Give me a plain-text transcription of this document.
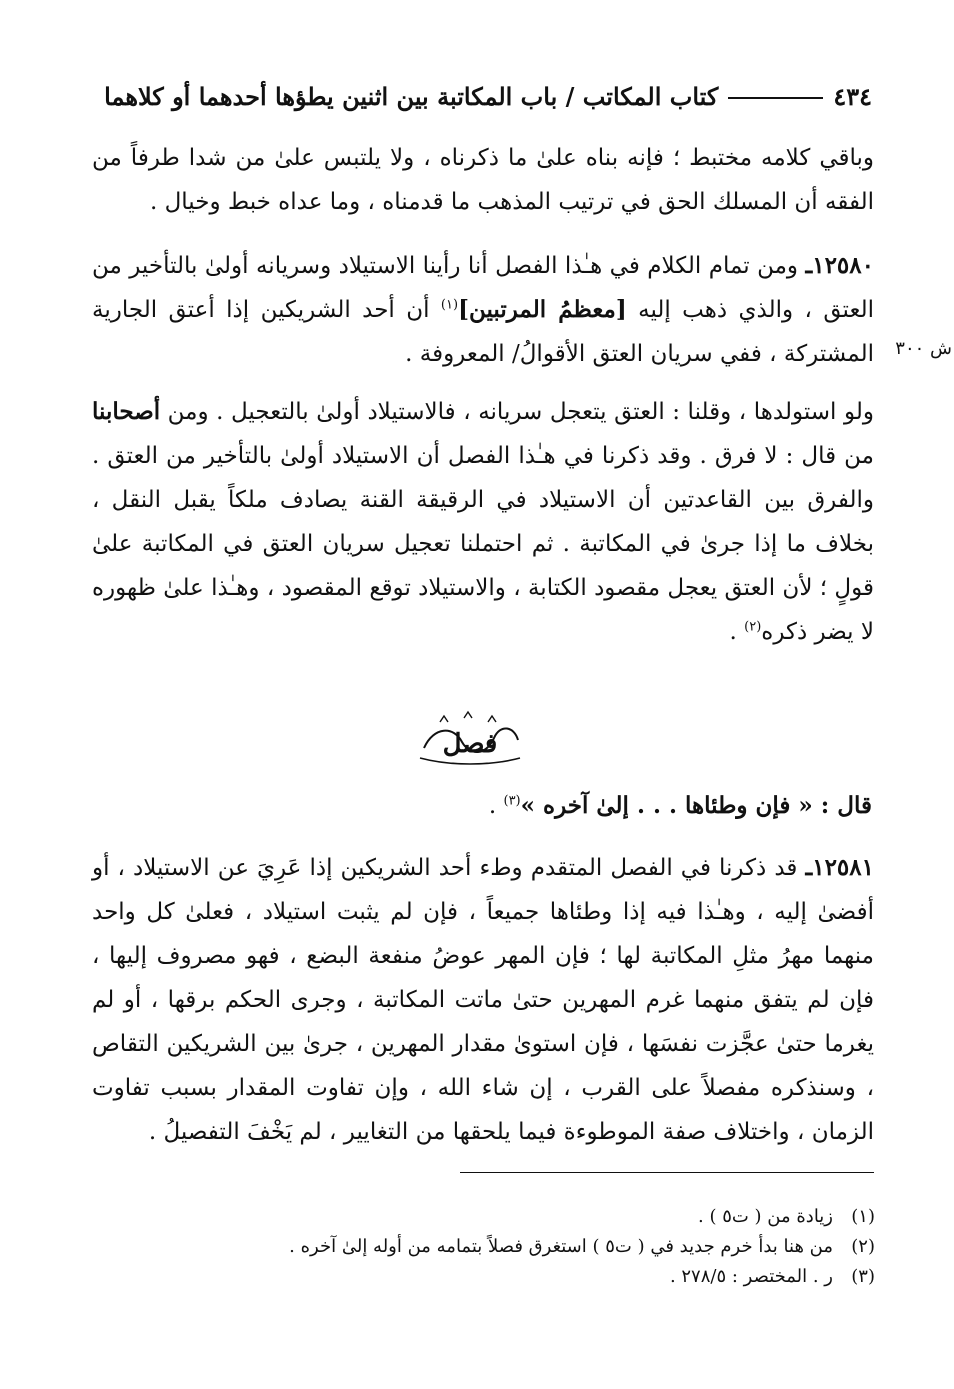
٤٣٤
كتاب المكاتب / باب المكاتبة بين اثنين يطؤها أحدهما أو كلاهما

وباقي كلامه مختبط ؛ فإنه بناه علىٰ ما ذكرناه ، ولا يلتبس علىٰ من شدا طرفاً من الفقه أن المسلك الحق في ترتيب المذهب ما قدمناه ، وما عداه خبط وخيال .

١٢٥٨٠ـ ومن تمام الكلام في هـٰذا الفصل أنا رأينا الاستيلاد وسريانه أولىٰ بالتأخير من العتق ، والذي ذهب إليه [معظمُ المرتبين]$^{(١)}$ أن أحد الشريكين إذا أعتق الجارية المشتركة ، ففي سريان العتق الأقوالُ/ المعروفة .	ش ٣٠٠

ولو استولدها ، وقلنا : العتق يتعجل سريانه ، فالاستيلاد أولىٰ بالتعجيل . ومن أصحابنا من قال : لا فرق . وقد ذكرنا في هـٰذا الفصل أن الاستيلاد أولىٰ بالتأخير من العتق . والفرق بين القاعدتين أن الاستيلاد في الرقيقة القنة يصادف ملكاً يقبل النقل ، بخلاف ما إذا جرىٰ في المكاتبة . ثم احتملنا تعجيل سريان العتق في المكاتبة علىٰ قولٍ ؛ لأن العتق يعجل مقصود الكتابة ، والاستيلاد توقع المقصود ، وهـٰذا علىٰ ظهوره لا يضر ذكره$^{(٢)}$ .

فصل
قال : « فإن وطئاها . . . إلىٰ آخره »$^{(٣)}$ .

١٢٥٨١ـ قد ذكرنا في الفصل المتقدم وطء أحد الشريكين إذا عَرِيَ عن الاستيلاد ، أو أفضىٰ إليه ، وهـٰذا فيه إذا وطئاها جميعاً ، فإن لم يثبت استيلاد ، فعلىٰ كل واحد منهما مهرُ مثلِ المكاتبة لها ؛ فإن المهر عوضُ منفعة البضع ، فهو مصروف إليها ، فإن لم يتفق منهما غرم المهرين حتىٰ ماتت المكاتبة ، وجرى الحكم برقها ، أو لم يغرما حتىٰ عجَّزت نفسَها ، فإن استوىٰ مقدار المهرين ، جرىٰ بين الشريكين التقاص ، وسنذكره مفصلاً على القرب ، إن شاء الله ، وإن تفاوت المقدار بسبب تفاوت الزمان ، واختلاف صفة الموطوءة فيما يلحقها من التغايير ، لم يَخْفَ التفصيلُ .

(١)زيادة من ( ت٥ ) .
(٢)من هنا بدأ خرم جديد في ( ت٥ ) استغرق فصلاً بتمامه من أوله إلىٰ آخره .
(٣)ر . المختصر : ٢٧٨/٥ .
